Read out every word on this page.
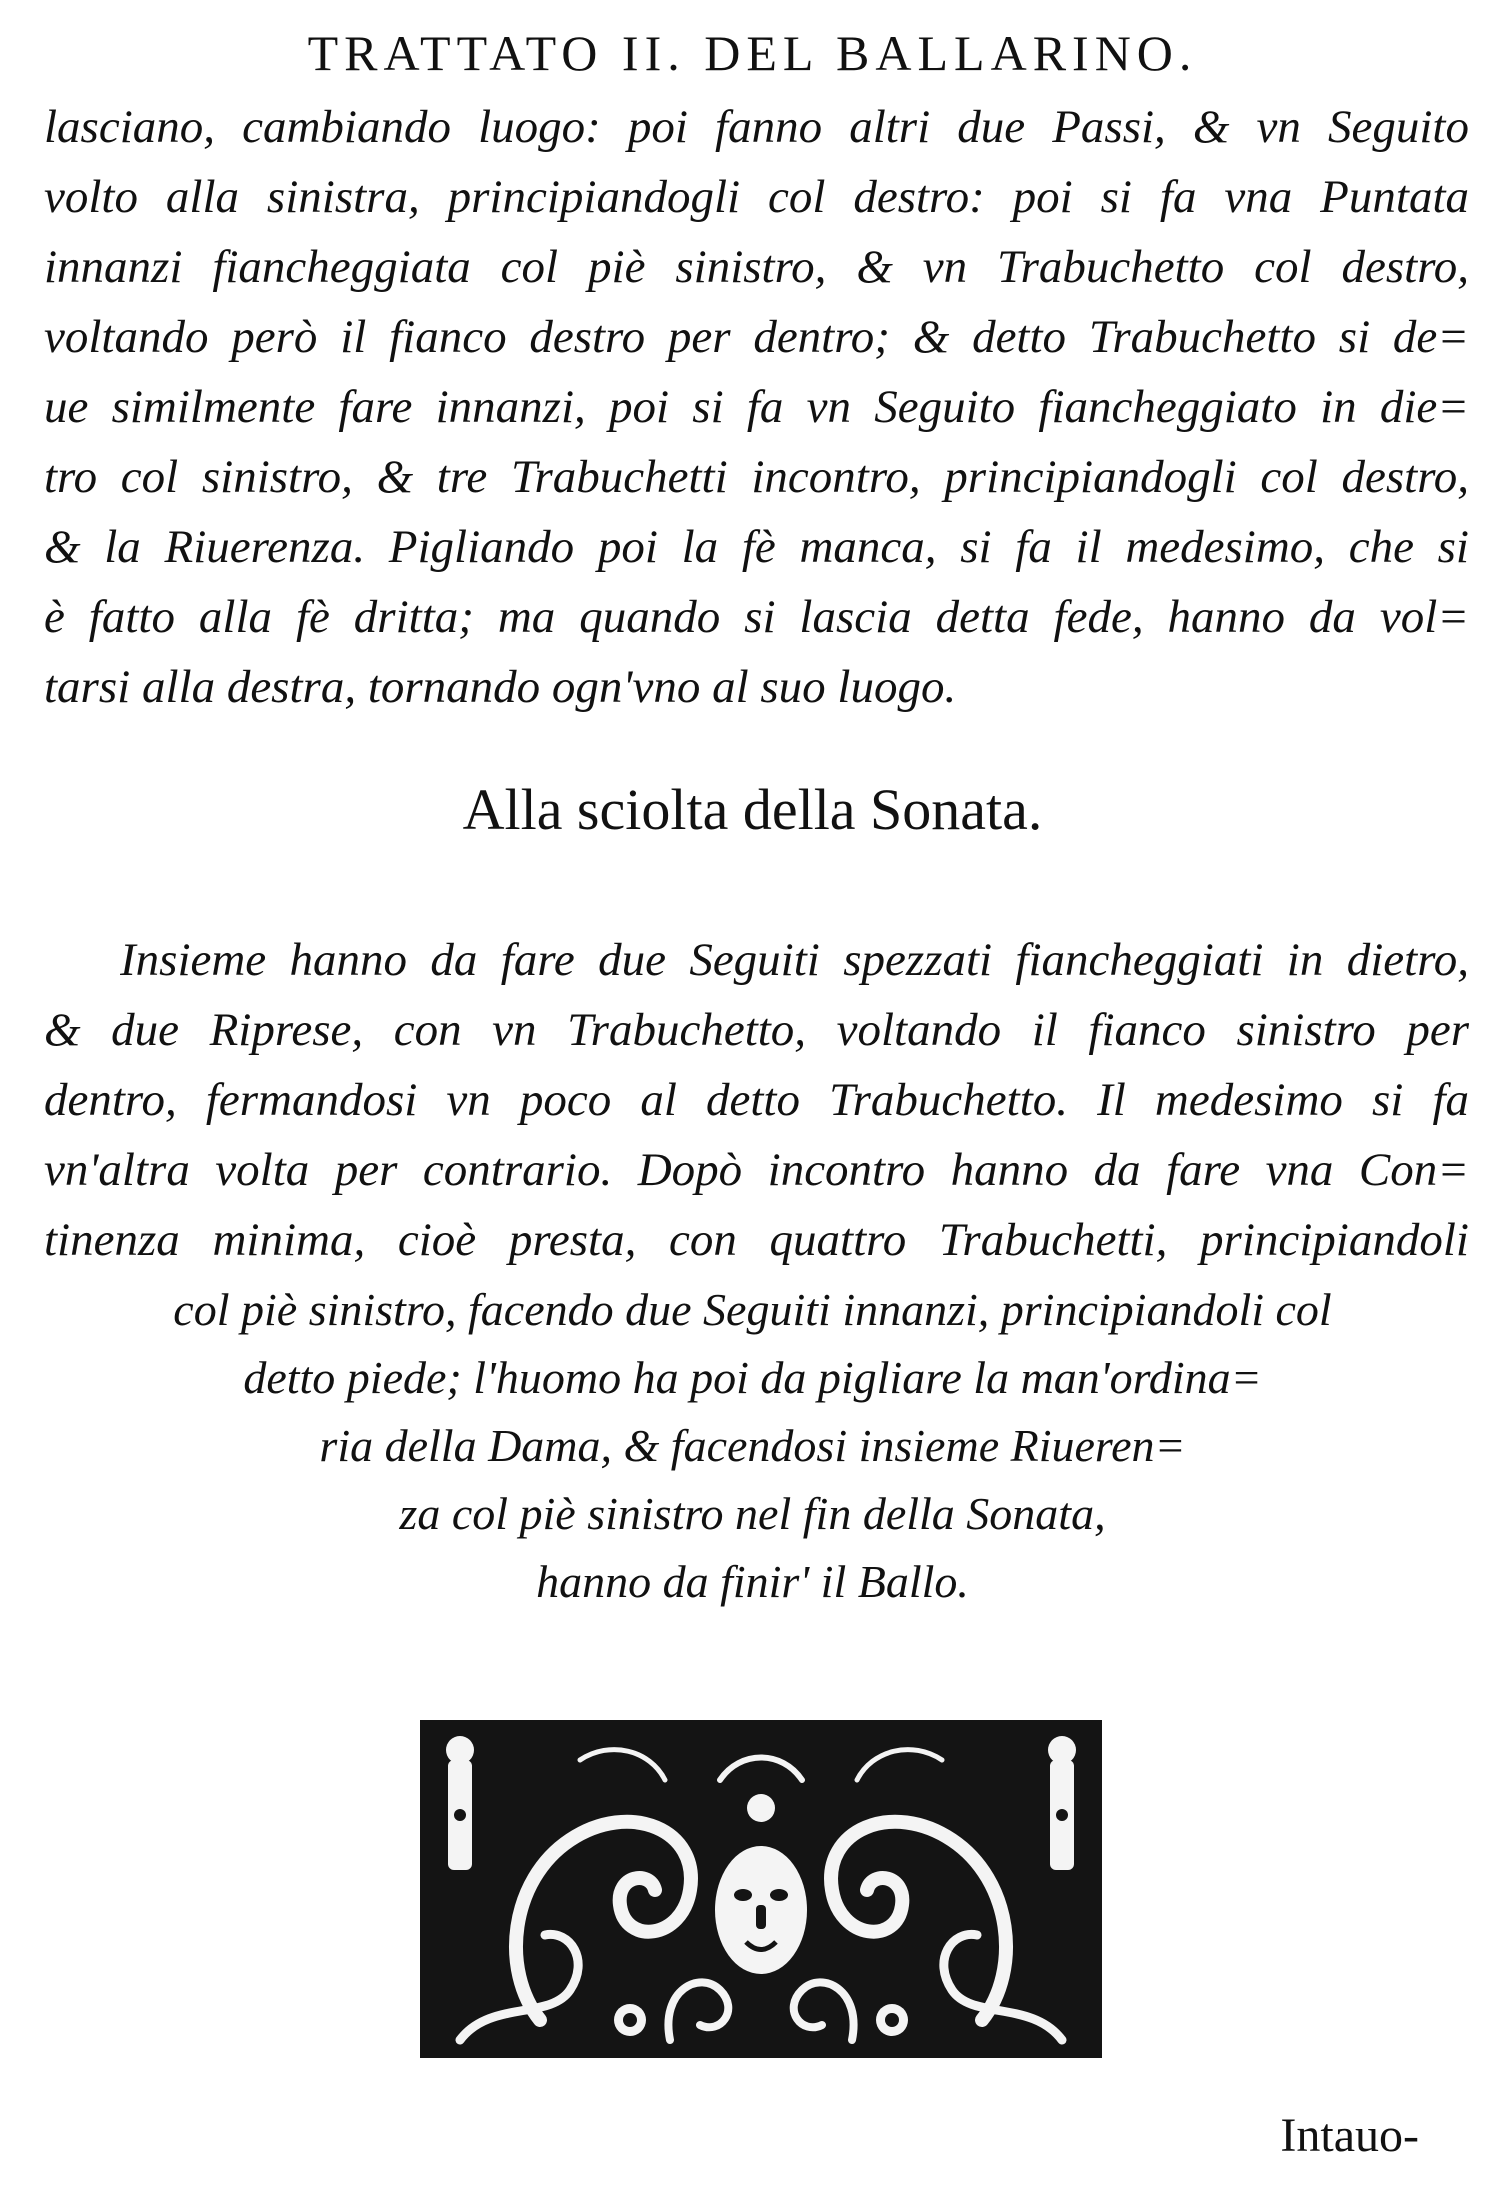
TRATTATO II. DEL BALLARINO.
lasciano, cambiando luogo: poi fanno altri due Passi, & vn Seguito
volto alla sinistra, principiandogli col destro: poi si fa vna Puntata
innanzi fiancheggiata col piè sinistro, & vn Trabuchetto col destro,
voltando però il fianco destro per dentro; & detto Trabuchetto si de=
ue similmente fare innanzi, poi si fa vn Seguito fiancheggiato in die=
tro col sinistro, & tre Trabuchetti incontro, principiandogli col destro,
& la Riuerenza. Pigliando poi la fè manca, si fa il medesimo, che si
è fatto alla fè dritta; ma quando si lascia detta fede, hanno da vol=
tarsi alla destra, tornando ogn'vno al suo luogo.
Alla sciolta della Sonata.
Insieme hanno da fare due Seguiti spezzati fiancheggiati in dietro,
& due Riprese, con vn Trabuchetto, voltando il fianco sinistro per
dentro, fermandosi vn poco al detto Trabuchetto. Il medesimo si fa
vn'altra volta per contrario. Dopò incontro hanno da fare vna Con=
tinenza minima, cioè presta, con quattro Trabuchetti, principiandoli
col piè sinistro, facendo due Seguiti innanzi, principiandoli col
detto piede; l'huomo ha poi da pigliare la man'ordina=
ria della Dama, & facendosi insieme Riueren=
za col piè sinistro nel fin della Sonata,
hanno da finir' il Ballo.
Intauo-
